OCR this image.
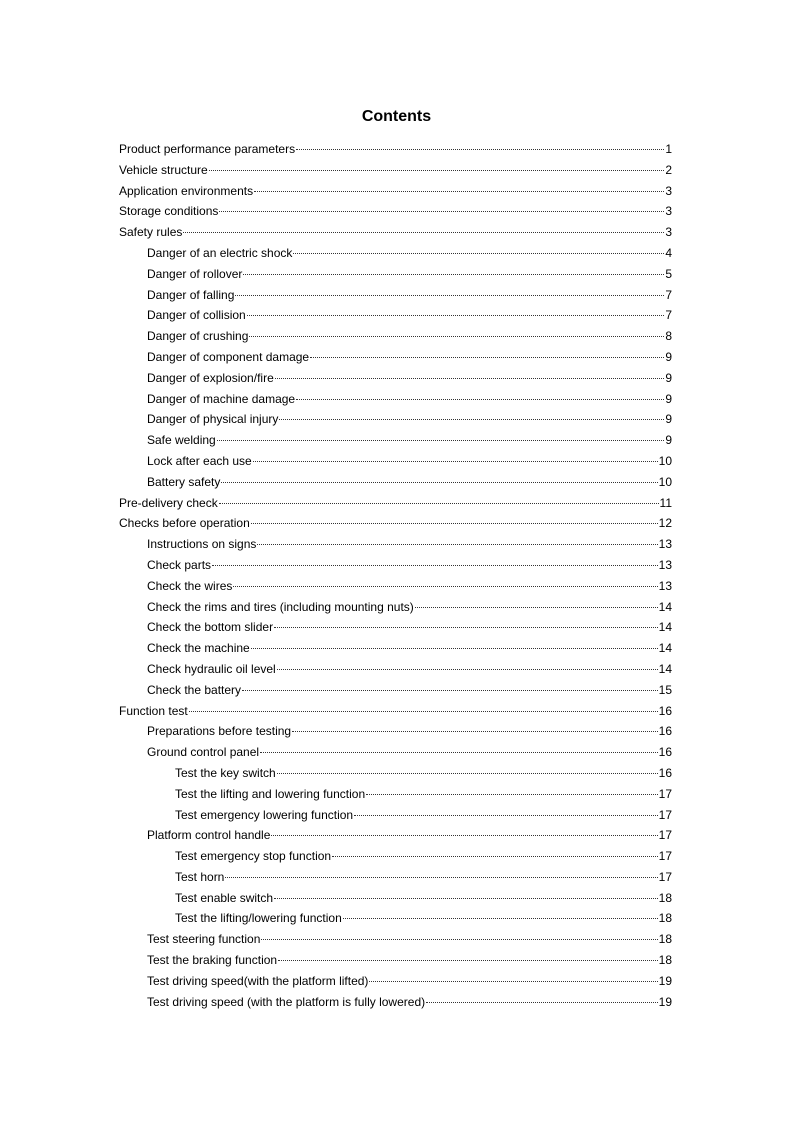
Contents
Product performance parameters	1
Vehicle structure	2
Application environments	3
Storage conditions	3
Safety rules	3
Danger of an electric shock	4
Danger of rollover	5
Danger of falling	7
Danger of collision	7
Danger of crushing	8
Danger of component damage	9
Danger of explosion/fire	9
Danger of machine damage	9
Danger of physical injury	9
Safe welding	9
Lock after each use	10
Battery safety	10
Pre-delivery check	11
Checks before operation	12
Instructions on signs	13
Check parts	13
Check the wires	13
Check the rims and tires (including mounting nuts)	14
Check the bottom slider	14
Check the machine	14
Check hydraulic oil level	14
Check the battery	15
Function test	16
Preparations before testing	16
Ground control panel	16
Test the key switch	16
Test the lifting and lowering function	17
Test emergency lowering function	17
Platform control handle	17
Test emergency stop function	17
Test horn	17
Test enable switch	18
Test the lifting/lowering function	18
Test steering function	18
Test the braking function	18
Test driving speed(with the platform lifted)	19
Test driving speed (with the platform is fully lowered)	19
